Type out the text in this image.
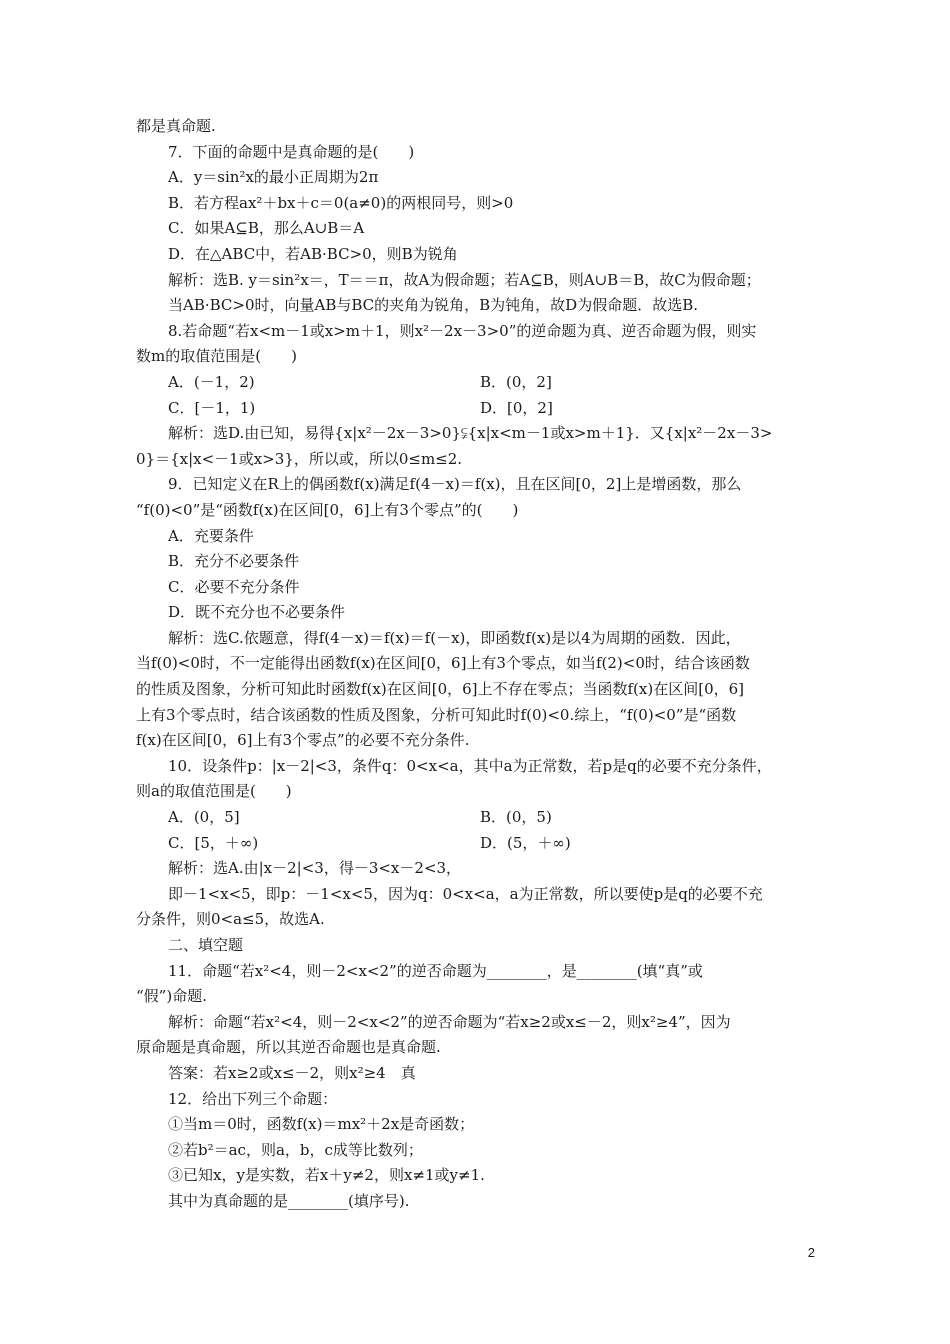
都是真命题.
7．下面的命题中是真命题的是(　　)
A．y＝sin²x的最小正周期为2π
B．若方程ax²＋bx＋c＝0(a≠0)的两根同号，则>0
C．如果A⊆B，那么A∪B＝A
D．在△ABC中，若AB·BC>0，则B为锐角
解析：选B. y＝sin²x＝，T＝＝π，故A为假命题；若A⊆B，则A∪B＝B，故C为假命题；
当AB·BC>0时，向量AB与BC的夹角为锐角，B为钝角，故D为假命题．故选B.
8.若命题“若x<m－1或x>m＋1，则x²－2x－3>0”的逆命题为真、逆否命题为假，则实
数m的取值范围是(　　)
A．(－1，2)	B．(0，2]
C．[－1，1)	D．[0，2]
解析：选D.由已知，易得{x|x²－2x－3>0}⫋{x|x<m－1或x>m＋1}．又{x|x²－2x－3>
0}＝{x|x<－1或x>3}，所以或，所以0≤m≤2.
9．已知定义在R上的偶函数f(x)满足f(4－x)＝f(x)，且在区间[0，2]上是增函数，那么
“f(0)<0”是“函数f(x)在区间[0，6]上有3个零点”的(　　)
A．充要条件
B．充分不必要条件
C．必要不充分条件
D．既不充分也不必要条件
解析：选C.依题意，得f(4－x)＝f(x)＝f(－x)，即函数f(x)是以4为周期的函数．因此，
当f(0)<0时，不一定能得出函数f(x)在区间[0，6]上有3个零点，如当f(2)<0时，结合该函数
的性质及图象，分析可知此时函数f(x)在区间[0，6]上不存在零点；当函数f(x)在区间[0，6]
上有3个零点时，结合该函数的性质及图象，分析可知此时f(0)<0.综上，“f(0)<0”是“函数
f(x)在区间[0，6]上有3个零点”的必要不充分条件.
10．设条件p：|x－2|<3，条件q：0<x<a，其中a为正常数，若p是q的必要不充分条件，
则a的取值范围是(　　)
A．(0，5]	B．(0，5)
C．[5，＋∞)	D．(5，＋∞)
解析：选A.由|x－2|<3，得－3<x－2<3，
即－1<x<5，即p：－1<x<5，因为q：0<x<a，a为正常数，所以要使p是q的必要不充
分条件，则0<a≤5，故选A.
二、填空题
11．命题“若x²<4，则－2<x<2”的逆否命题为________，是________(填“真”或
“假”)命题.
解析：命题“若x²<4，则－2<x<2”的逆否命题为“若x≥2或x≤－2，则x²≥4”，因为
原命题是真命题，所以其逆否命题也是真命题.
答案：若x≥2或x≤－2，则x²≥4　真
12．给出下列三个命题：
①当m＝0时，函数f(x)＝mx²＋2x是奇函数；
②若b²＝ac，则a，b，c成等比数列；
③已知x，y是实数，若x＋y≠2，则x≠1或y≠1.
其中为真命题的是________(填序号).
2
